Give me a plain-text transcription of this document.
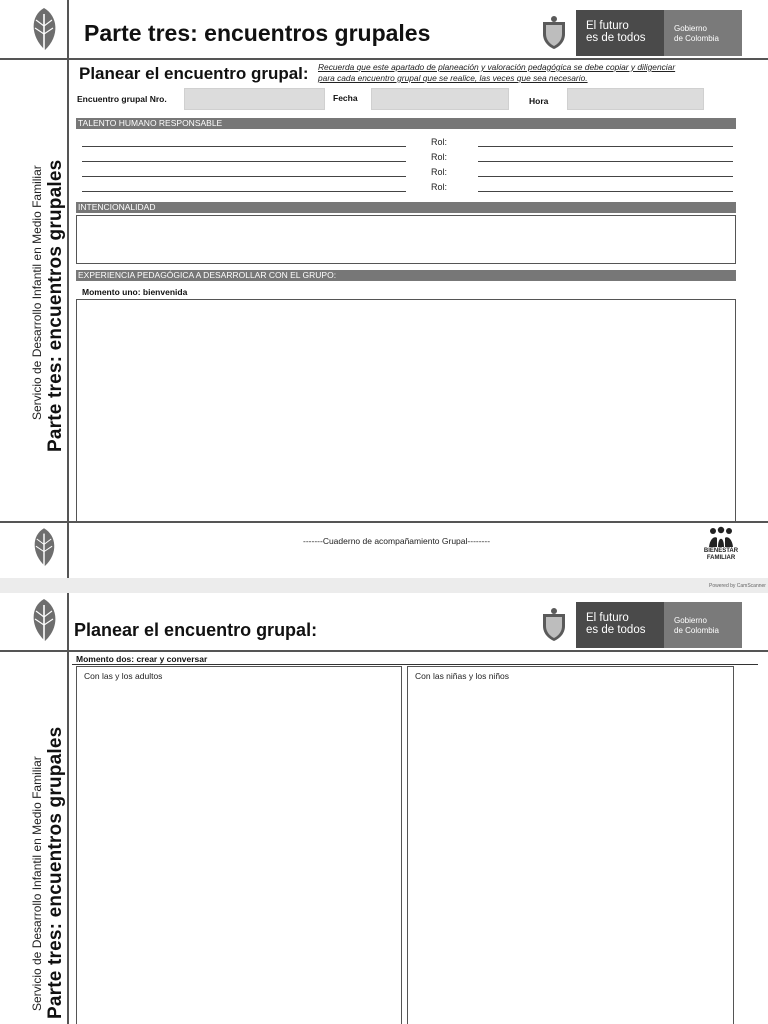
Parte tres: encuentros grupales	El futuro
es de todos
Gobierno
de Colombia
Servicio de Desarrollo Infantil en Medio Familiar Parte tres: encuentros grupales
Planear el encuentro grupal: Recuerda que este apartado de planeación y valoración pedagógica se debe copiar y diligenciar
para cada encuentro grupal que se realice, las veces que sea necesario.
Encuentro grupal Nro.	Fecha	Hora
TALENTO HUMANO RESPONSABLE
Rol:
Rol:
Rol:
Rol:
INTENCIONALIDAD
EXPERIENCIA PEDAGÓGICA A DESARROLLAR CON EL GRUPO:
Momento uno: bienvenida
-------Cuaderno de acompañamiento Grupal--------
BIENESTAR
FAMILIAR
Powered by CamScanner
Planear el encuentro grupal:
El futuro
es de todos
Gobierno
de Colombia
Servicio de Desarrollo Infantil en Medio Familiar Parte tres: encuentros grupales
Momento dos: crear y conversar
Con las y los adultos	Con las niñas y los niños
